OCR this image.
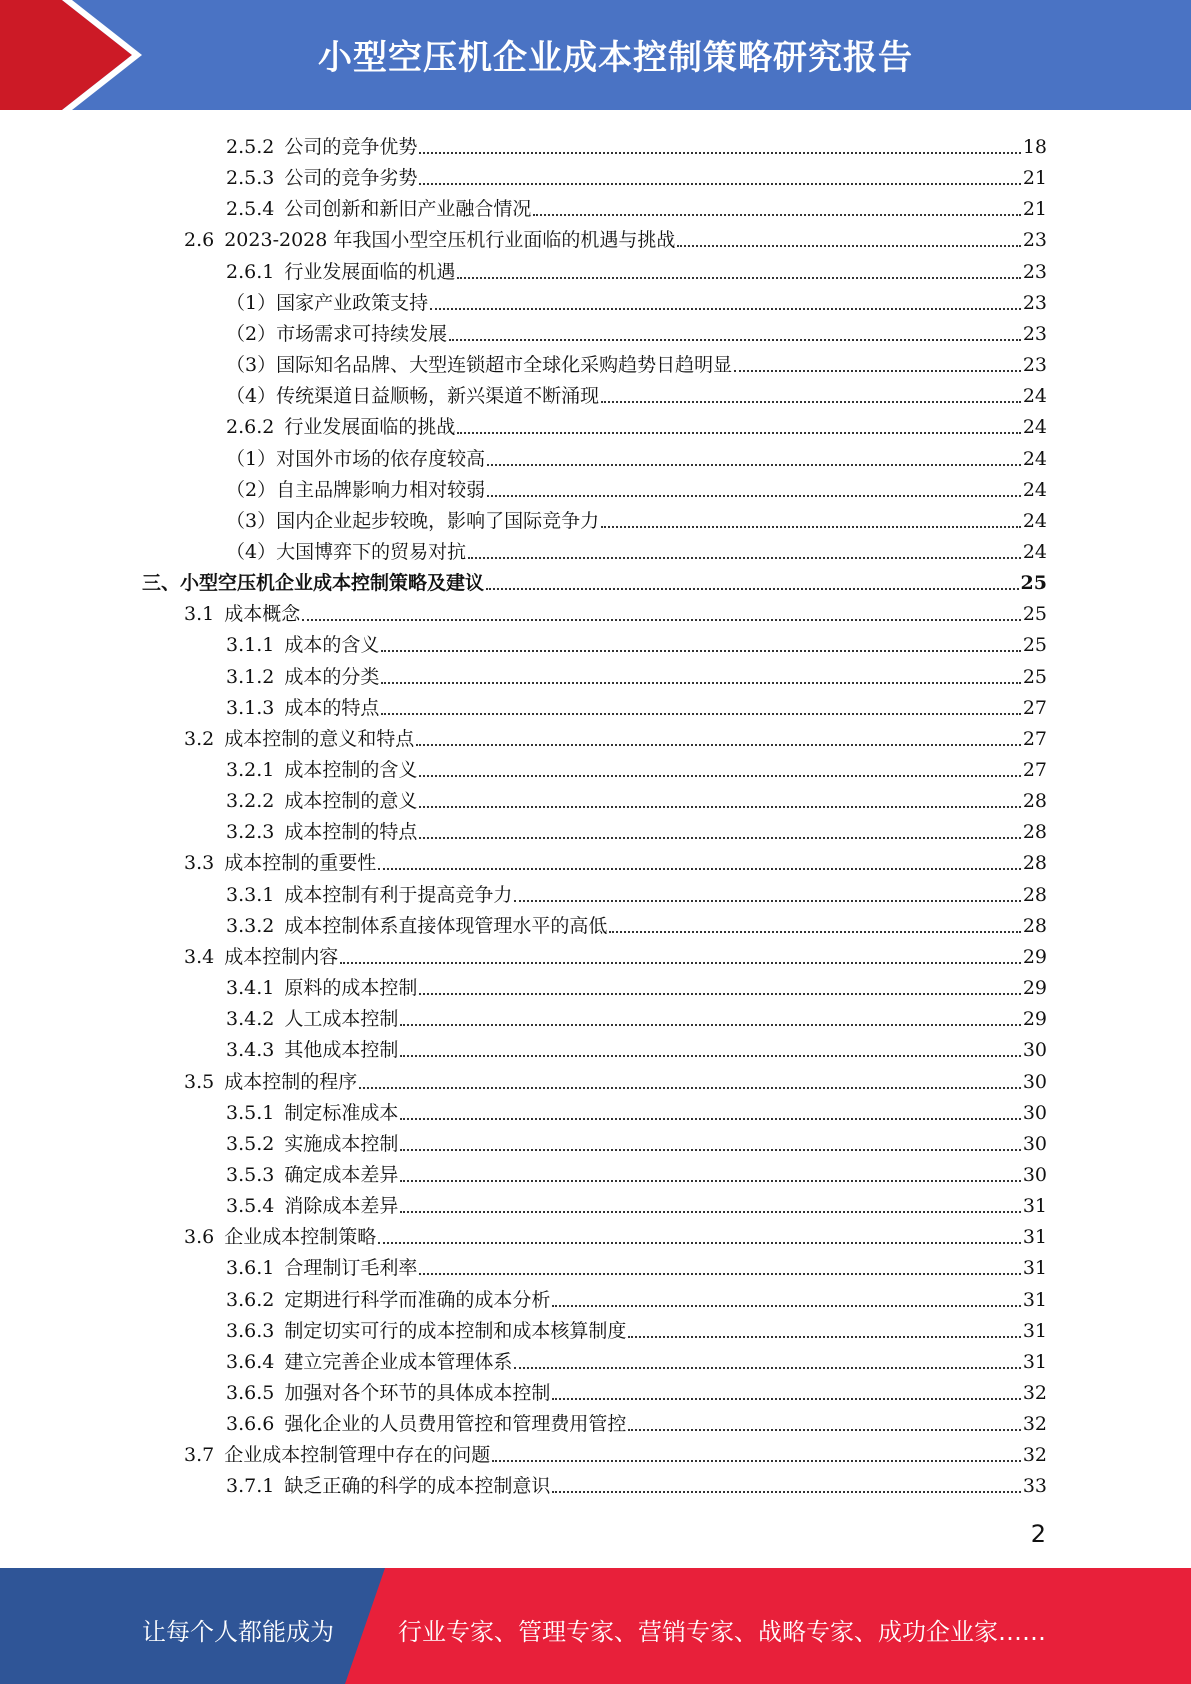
小型空压机企业成本控制策略研究报告
2.5.2 公司的竞争优势	18
2.5.3 公司的竞争劣势	21
2.5.4 公司创新和新旧产业融合情况	21
2.6 2023-2028 年我国小型空压机行业面临的机遇与挑战	23
2.6.1 行业发展面临的机遇	23
（1）国家产业政策支持	23
（2）市场需求可持续发展	23
（3）国际知名品牌、大型连锁超市全球化采购趋势日趋明显	23
（4）传统渠道日益顺畅，新兴渠道不断涌现	24
2.6.2 行业发展面临的挑战	24
（1）对国外市场的依存度较高	24
（2）自主品牌影响力相对较弱	24
（3）国内企业起步较晚，影响了国际竞争力	24
（4）大国博弈下的贸易对抗	24
三、小型空压机企业成本控制策略及建议	25
3.1 成本概念	25
3.1.1 成本的含义	25
3.1.2 成本的分类	25
3.1.3 成本的特点	27
3.2 成本控制的意义和特点	27
3.2.1 成本控制的含义	27
3.2.2 成本控制的意义	28
3.2.3 成本控制的特点	28
3.3 成本控制的重要性	28
3.3.1 成本控制有利于提高竞争力	28
3.3.2 成本控制体系直接体现管理水平的高低	28
3.4 成本控制内容	29
3.4.1 原料的成本控制	29
3.4.2 人工成本控制	29
3.4.3 其他成本控制	30
3.5 成本控制的程序	30
3.5.1 制定标准成本	30
3.5.2 实施成本控制	30
3.5.3 确定成本差异	30
3.5.4 消除成本差异	31
3.6 企业成本控制策略	31
3.6.1 合理制订毛利率	31
3.6.2 定期进行科学而准确的成本分析	31
3.6.3 制定切实可行的成本控制和成本核算制度	31
3.6.4 建立完善企业成本管理体系	31
3.6.5 加强对各个环节的具体成本控制	32
3.6.6 强化企业的人员费用管控和管理费用管控	32
3.7 企业成本控制管理中存在的问题	32
3.7.1 缺乏正确的科学的成本控制意识	33
2
让每个人都能成为	行业专家、管理专家、营销专家、战略专家、成功企业家……
